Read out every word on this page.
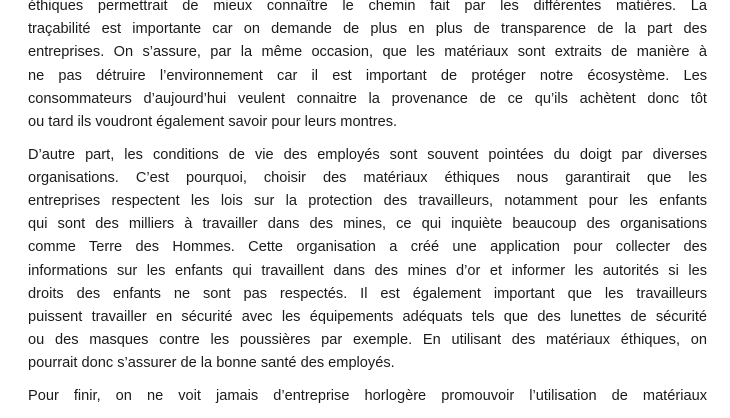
éthiques permettrait de mieux connaître le chemin fait par les différentes matières. La
traçabilité est importante car on demande de plus en plus de transparence de la part des
entreprises. On s’assure, par la même occasion, que les matériaux sont extraits de manière à
ne pas détruire l’environnement car il est important de protéger notre écosystème. Les
consommateurs d’aujourd’hui veulent connaitre la provenance de ce qu’ils achètent donc tôt
ou tard ils voudront également savoir pour leurs montres.
D’autre part, les conditions de vie des employés sont souvent pointées du doigt par diverses
organisations. C’est pourquoi, choisir des matériaux éthiques nous garantirait que les
entreprises respectent les lois sur la protection des travailleurs, notamment pour les enfants
qui sont des milliers à travailler dans des mines, ce qui inquiète beaucoup des organisations
comme Terre des Hommes. Cette organisation a créé une application pour collecter des
informations sur les enfants qui travaillent dans des mines d’or et informer les autorités si les
droits des enfants ne sont pas respectés. Il est également important que les travailleurs
puissent travailler en sécurité avec les équipements adéquats tels que des lunettes de sécurité
ou des masques contre les poussières par exemple. En utilisant des matériaux éthiques, on
pourrait donc s’assurer de la bonne santé des employés.
Pour finir, on ne voit jamais d’entreprise horlogère promouvoir l’utilisation de matériaux
